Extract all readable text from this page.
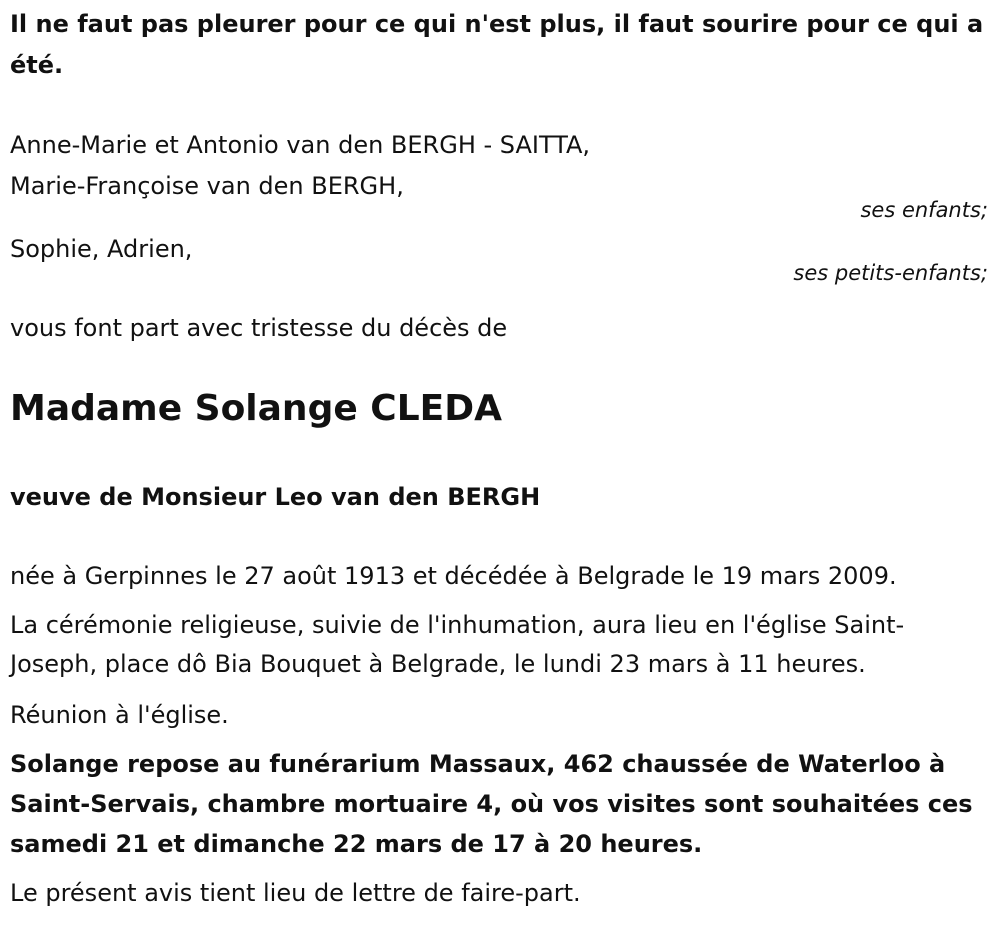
Il ne faut pas pleurer pour ce qui n'est plus, il faut sourire pour ce qui a été.

Anne-Marie et Antonio van den BERGH - SAITTA,

Marie-Françoise van den BERGH,

ses enfants;

Sophie, Adrien,

ses petits-enfants;

vous font part avec tristesse du décès de

Madame Solange CLEDA

veuve de Monsieur Leo van den BERGH

née à Gerpinnes le 27 août 1913 et décédée à Belgrade le 19 mars 2009.

La cérémonie religieuse, suivie de l'inhumation, aura lieu en l'église Saint-Joseph, place dô Bia Bouquet à Belgrade, le lundi 23 mars à 11 heures.

Réunion à l'église.

Solange repose au funérarium Massaux, 462 chaussée de Waterloo à Saint-Servais, chambre mortuaire 4, où vos visites sont souhaitées ces samedi 21 et dimanche 22 mars de 17 à 20 heures.

Le présent avis tient lieu de lettre de faire-part.
